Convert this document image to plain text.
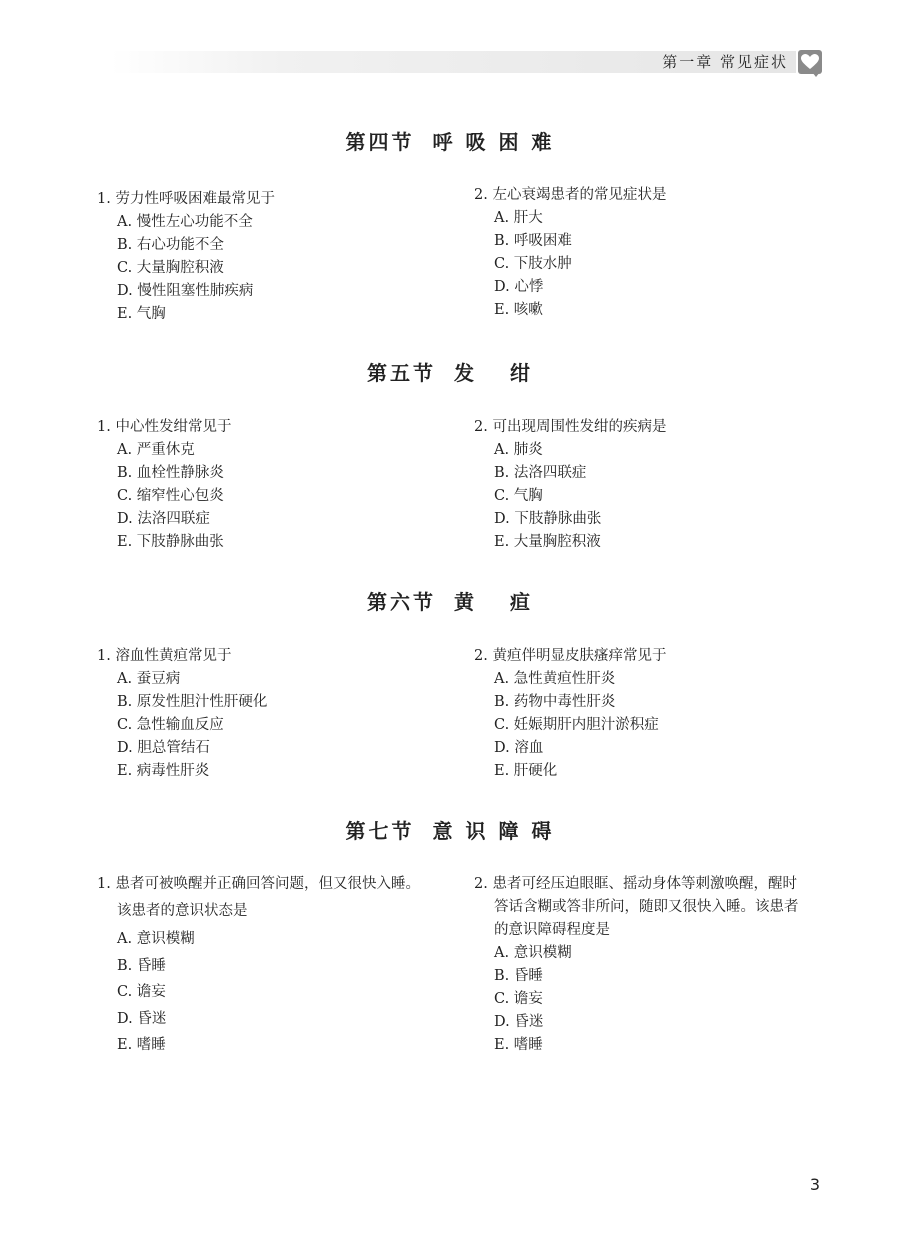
第一章 常见症状
第四节 呼 吸 困 难
1. 劳力性呼吸困难最常见于
A. 慢性左心功能不全
B. 右心功能不全
C. 大量胸腔积液
D. 慢性阻塞性肺疾病
E. 气胸
2. 左心衰竭患者的常见症状是
A. 肝大
B. 呼吸困难
C. 下肢水肿
D. 心悸
E. 咳嗽
第五节 发　 绀
1. 中心性发绀常见于
A. 严重休克
B. 血栓性静脉炎
C. 缩窄性心包炎
D. 法洛四联症
E. 下肢静脉曲张
2. 可出现周围性发绀的疾病是
A. 肺炎
B. 法洛四联症
C. 气胸
D. 下肢静脉曲张
E. 大量胸腔积液
第六节 黄　 疸
1. 溶血性黄疸常见于
A. 蚕豆病
B. 原发性胆汁性肝硬化
C. 急性输血反应
D. 胆总管结石
E. 病毒性肝炎
2. 黄疸伴明显皮肤瘙痒常见于
A. 急性黄疸性肝炎
B. 药物中毒性肝炎
C. 妊娠期肝内胆汁淤积症
D. 溶血
E. 肝硬化
第七节 意 识 障 碍
1. 患者可被唤醒并正确回答问题，但又很快入睡。
该患者的意识状态是
A. 意识模糊
B. 昏睡
C. 谵妄
D. 昏迷
E. 嗜睡
2. 患者可经压迫眼眶、摇动身体等刺激唤醒，醒时
答话含糊或答非所问，随即又很快入睡。该患者
的意识障碍程度是
A. 意识模糊
B. 昏睡
C. 谵妄
D. 昏迷
E. 嗜睡
3
